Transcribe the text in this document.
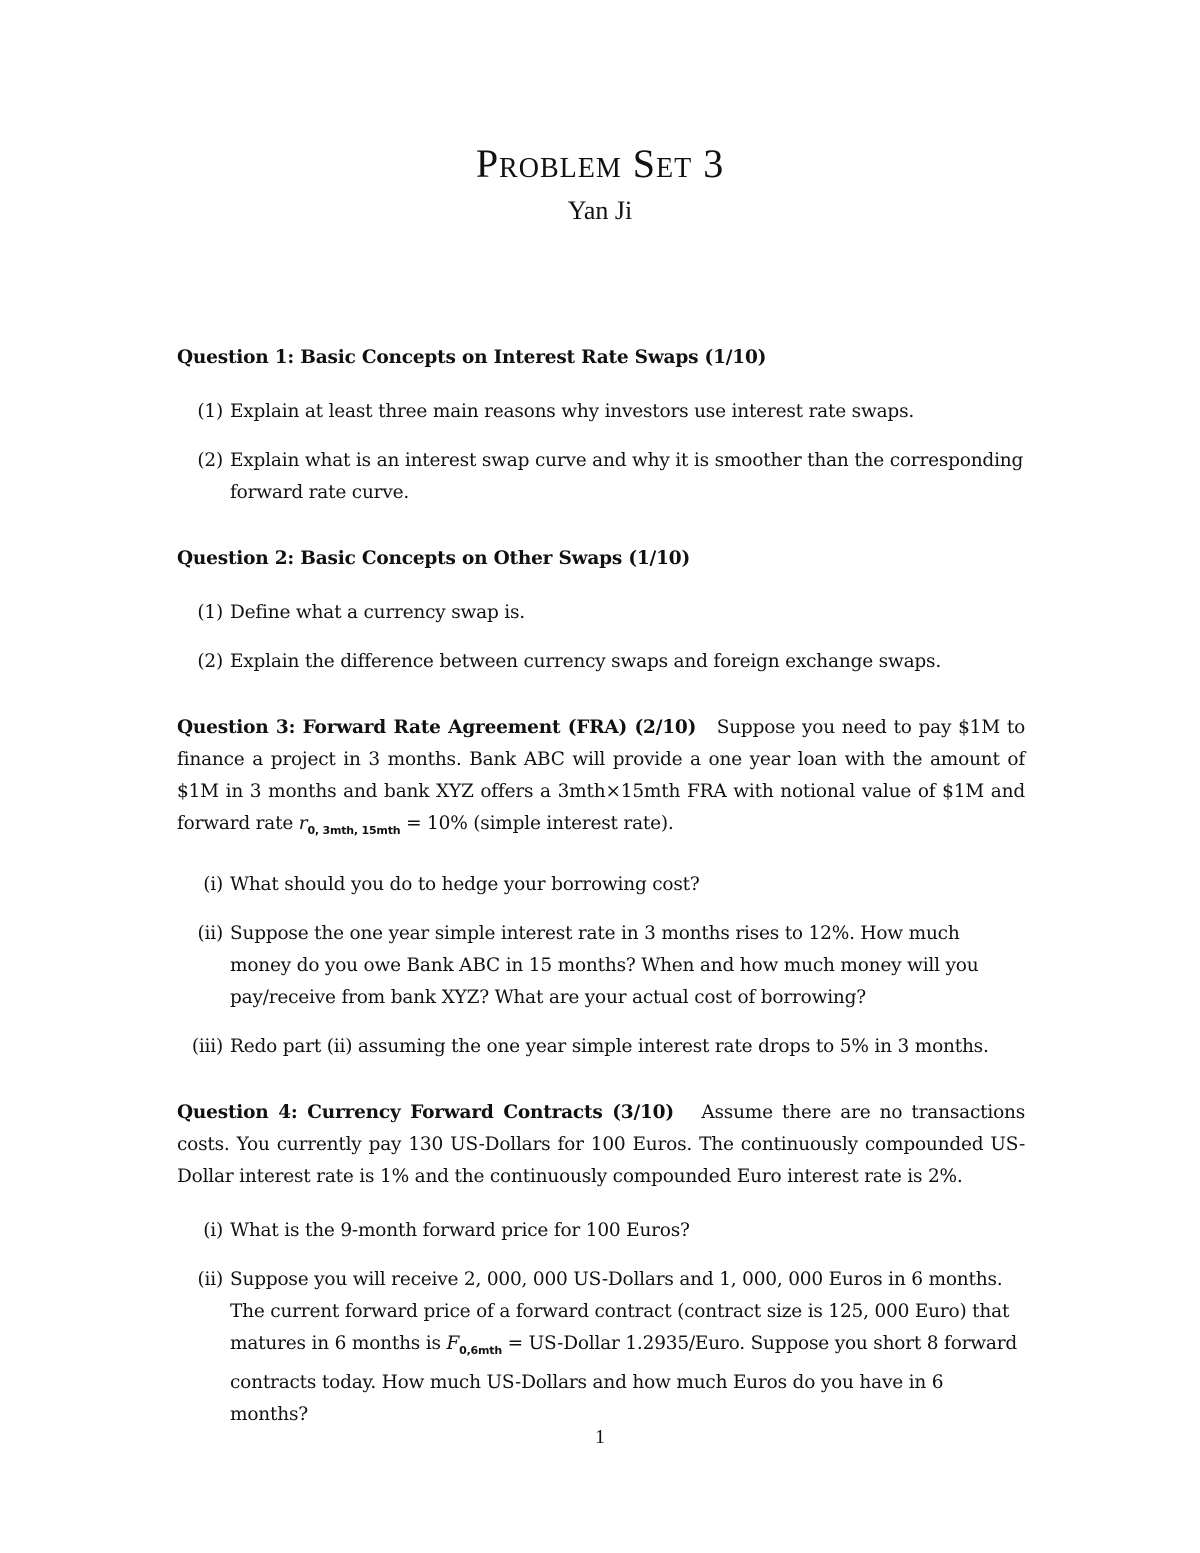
Problem Set 3
Yan Ji
Question 1: Basic Concepts on Interest Rate Swaps (1/10)
(1) Explain at least three main reasons why investors use interest rate swaps.
(2) Explain what is an interest swap curve and why it is smoother than the corresponding forward rate curve.
Question 2: Basic Concepts on Other Swaps (1/10)
(1) Define what a currency swap is.
(2) Explain the difference between currency swaps and foreign exchange swaps.
Question 3: Forward Rate Agreement (FRA) (2/10) Suppose you need to pay $1M to finance a project in 3 months. Bank ABC will provide a one year loan with the amount of $1M in 3 months and bank XYZ offers a 3mth×15mth FRA with notional value of $1M and forward rate $r_{0, 3mth, 15mth} = 10\%$ (simple interest rate).
(i) What should you do to hedge your borrowing cost?
(ii) Suppose the one year simple interest rate in 3 months rises to 12%. How much money do you owe Bank ABC in 15 months? When and how much money will you pay/receive from bank XYZ? What are your actual cost of borrowing?
(iii) Redo part (ii) assuming the one year simple interest rate drops to 5% in 3 months.
Question 4: Currency Forward Contracts (3/10) Assume there are no transactions costs. You currently pay 130 US-Dollars for 100 Euros. The continuously compounded US-Dollar interest rate is 1% and the continuously compounded Euro interest rate is 2%.
(i) What is the 9-month forward price for 100 Euros?
(ii) Suppose you will receive 2, 000, 000 US-Dollars and 1, 000, 000 Euros in 6 months. The current forward price of a forward contract (contract size is 125, 000 Euro) that matures in 6 months is $F_{0,6mth}$ = US-Dollar 1.2935/Euro. Suppose you short 8 forward contracts today. How much US-Dollars and how much Euros do you have in 6 months?
1
